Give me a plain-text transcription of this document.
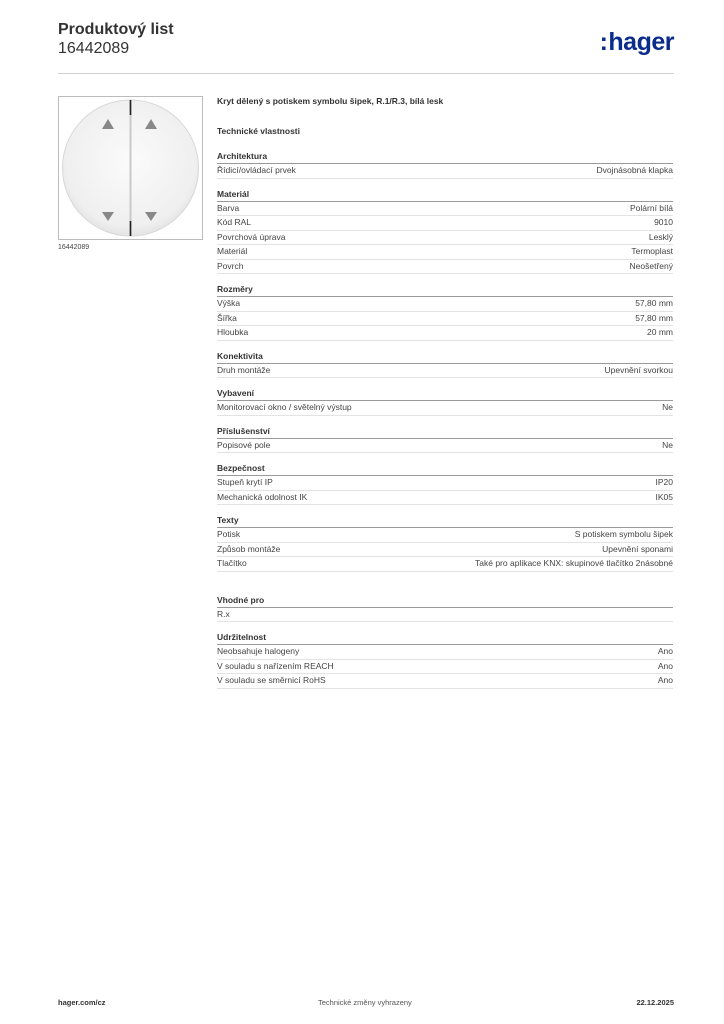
Produktový list
16442089	:hager
16442089
Kryt dělený s potiskem symbolu šipek, R.1/R.3, bílá lesk
Technické vlastnosti
Architektura
Řídicí/ovládací prvek	Dvojnásobná klapka
Materiál
Barva	Polární bílá
Kód RAL	9010
Povrchová úprava	Lesklý
Materiál	Termoplast
Povrch	Neošetřený
Rozměry
Výška	57,80 mm
Šířka	57,80 mm
Hloubka	20 mm
Konektivita
Druh montáže	Upevnění svorkou
Vybavení
Monitorovací okno / světelný výstup	Ne
Příslušenství
Popisové pole	Ne
Bezpečnost
Stupeň krytí IP	IP20
Mechanická odolnost IK	IK05
Texty
Potisk	S potiskem symbolu šipek
Způsob montáže	Upevnění sponami
Tlačítko	Také pro aplikace KNX: skupinové tlačítko 2násobné
Vhodné pro
R.x
Udržitelnost
Neobsahuje halogeny	Ano
V souladu s nařízením REACH	Ano
V souladu se směrnicí RoHS	Ano
hager.com/cz	Technické změny vyhrazeny	22.12.2025
